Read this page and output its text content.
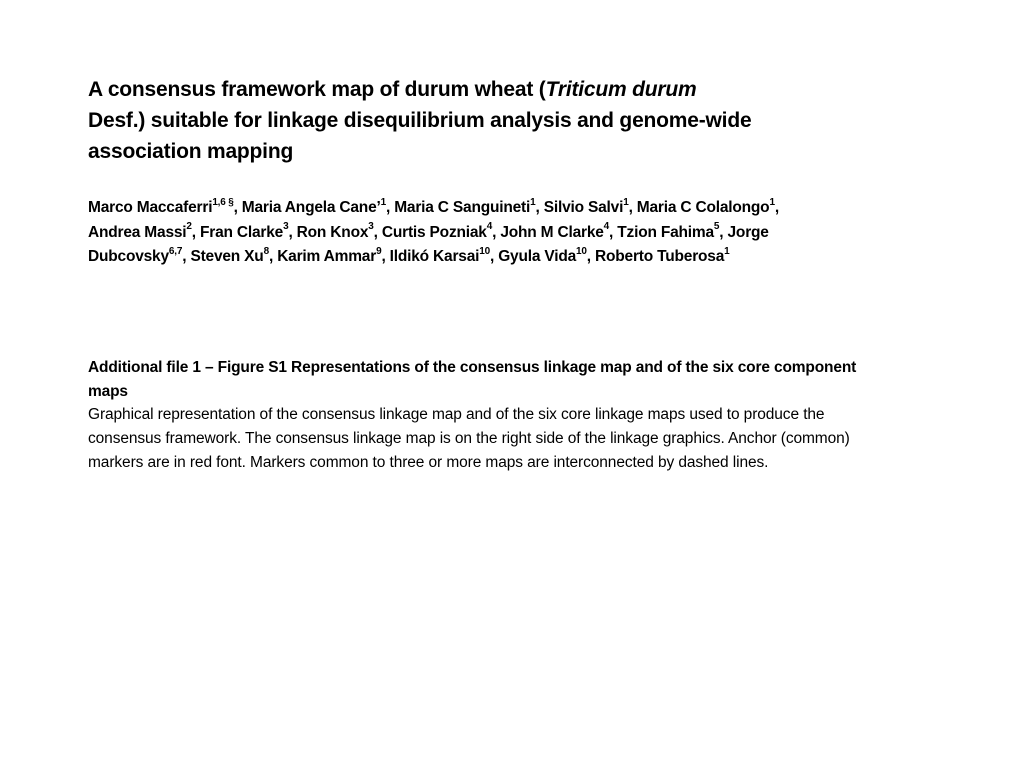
A consensus framework map of durum wheat (Triticum durum Desf.) suitable for linkage disequilibrium analysis and genome-wide association mapping

Marco Maccaferri$^{1,6 \S}$, Maria Angela Cane’$^1$, Maria C Sanguineti$^1$, Silvio Salvi$^1$, Maria C Colalongo$^1$, Andrea Massi$^2$, Fran Clarke$^3$, Ron Knox$^3$, Curtis Pozniak$^4$, John M Clarke$^4$, Tzion Fahima$^5$, Jorge Dubcovsky$^{6,7}$, Steven Xu$^8$, Karim Ammar$^9$, Ildikó Karsai$^{10}$, Gyula Vida$^{10}$, Roberto Tuberosa$^1$

Additional file 1 – Figure S1 Representations of the consensus linkage map and of the six core component maps

Graphical representation of the consensus linkage map and of the six core linkage maps used to produce the consensus framework. The consensus linkage map is on the right side of the linkage graphics. Anchor (common) markers are in red font. Markers common to three or more maps are interconnected by dashed lines.
